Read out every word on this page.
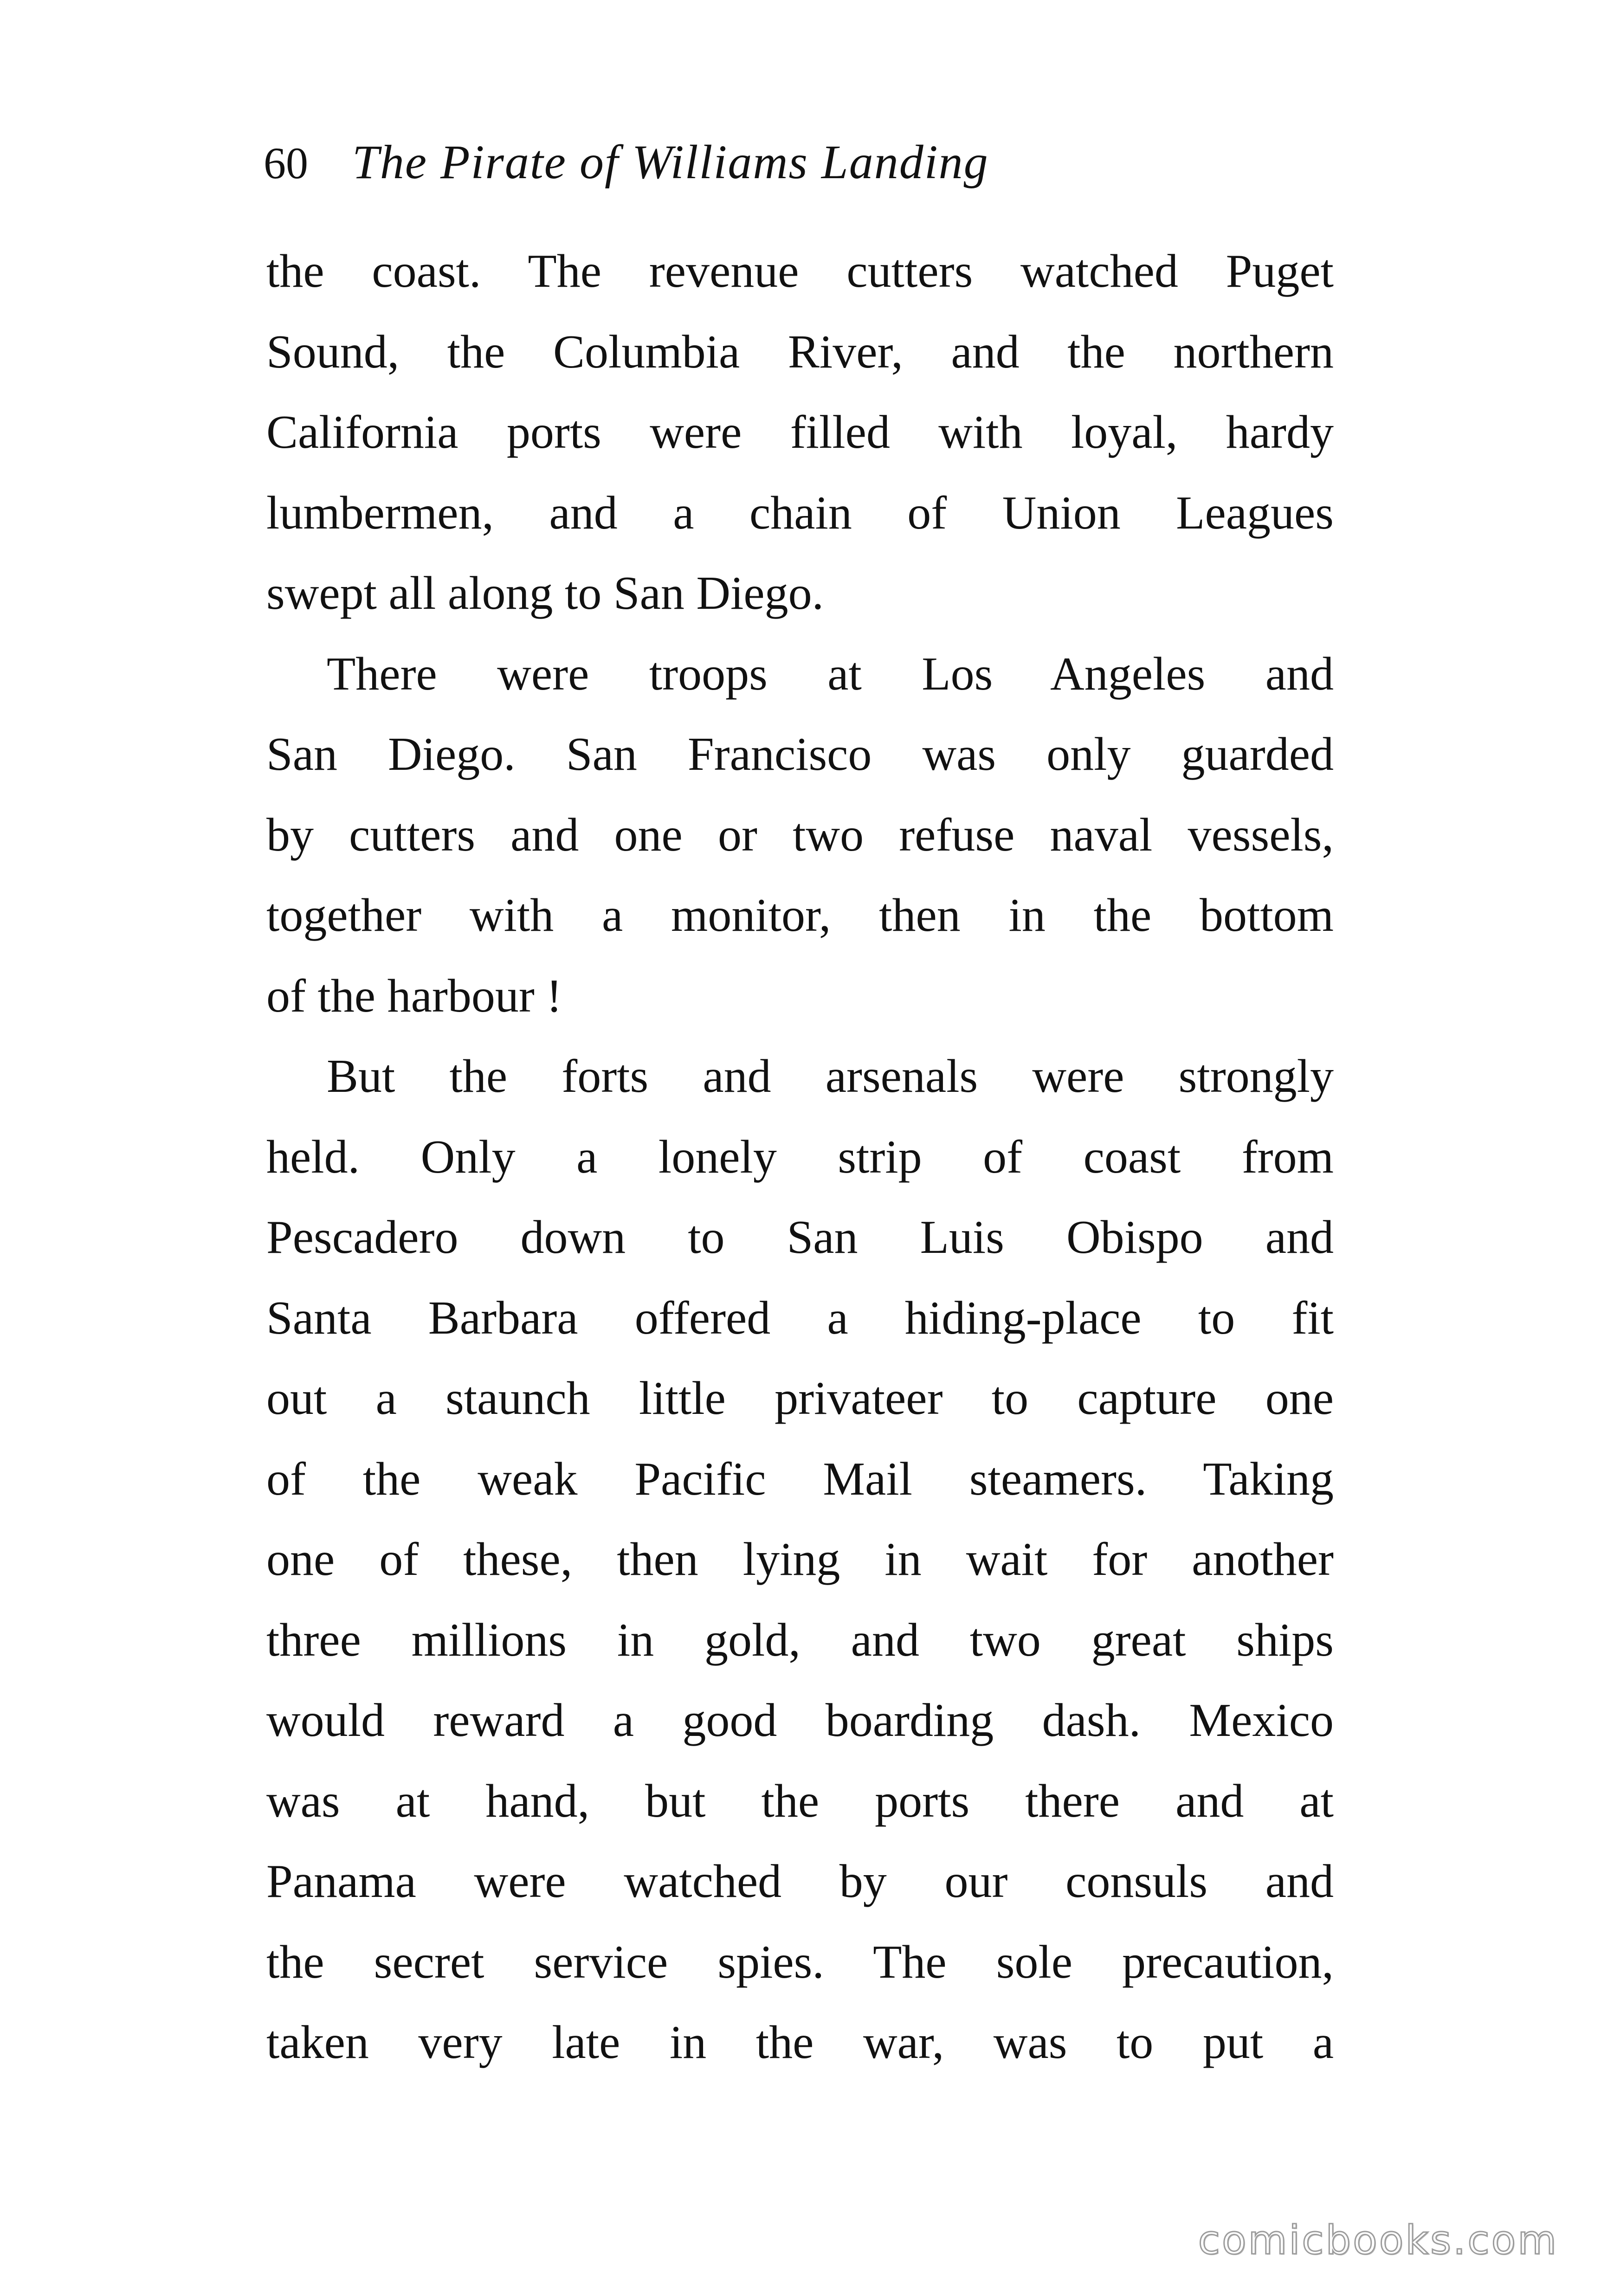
60 The Pirate of Williams Landing
the coast. The revenue cutters watched Puget
Sound, the Columbia River, and the northern
California ports were filled with loyal, hardy
lumbermen, and a chain of Union Leagues
swept all along to San Diego.
There were troops at Los Angeles and
San Diego. San Francisco was only guarded
by cutters and one or two refuse naval vessels,
together with a monitor, then in the bottom
of the harbour !
But the forts and arsenals were strongly
held. Only a lonely strip of coast from
Pescadero down to San Luis Obispo and
Santa Barbara offered a hiding-place to fit
out a staunch little privateer to capture one
of the weak Pacific Mail steamers. Taking
one of these, then lying in wait for another
three millions in gold, and two great ships
would reward a good boarding dash. Mexico
was at hand, but the ports there and at
Panama were watched by our consuls and
the secret service spies. The sole precaution,
taken very late in the war, was to put a
comicbooks.com
